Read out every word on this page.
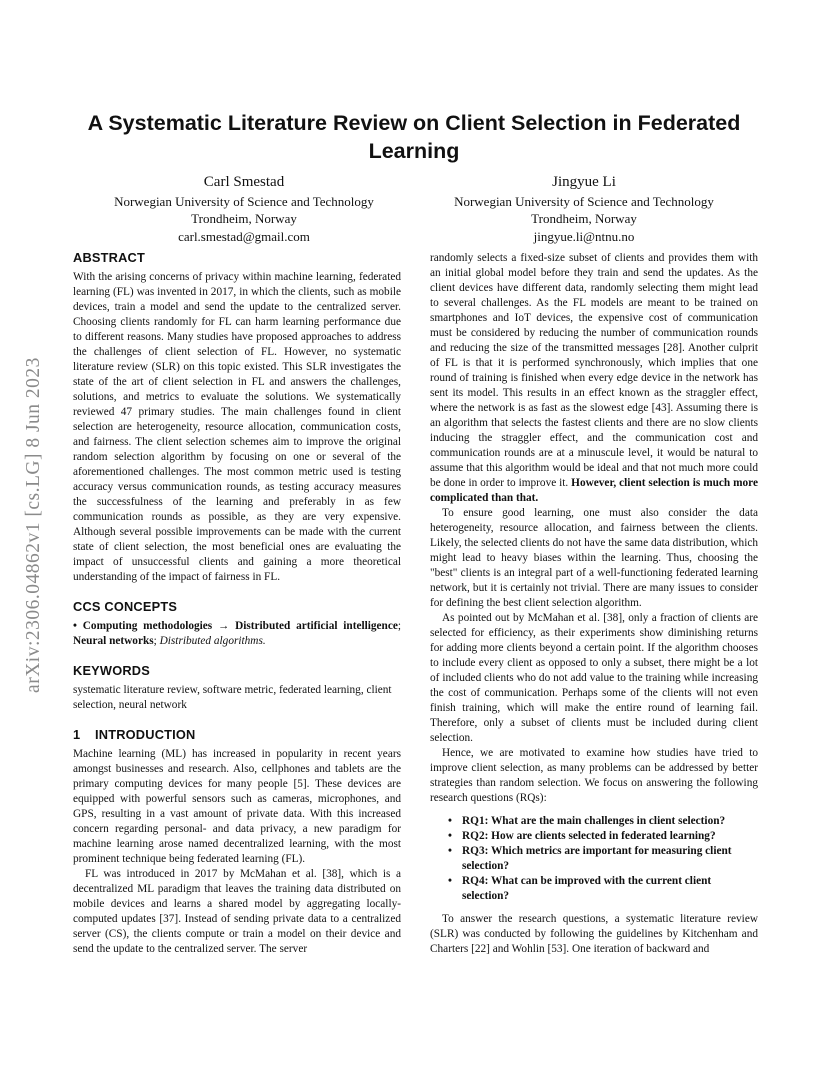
arXiv:2306.04862v1 [cs.LG] 8 Jun 2023
A Systematic Literature Review on Client Selection in Federated Learning
Carl Smestad
Norwegian University of Science and Technology
Trondheim, Norway
carl.smestad@gmail.com
Jingyue Li
Norwegian University of Science and Technology
Trondheim, Norway
jingyue.li@ntnu.no
ABSTRACT

With the arising concerns of privacy within machine learning, federated learning (FL) was invented in 2017, in which the clients, such as mobile devices, train a model and send the update to the centralized server. Choosing clients randomly for FL can harm learning performance due to different reasons. Many studies have proposed approaches to address the challenges of client selection of FL. However, no systematic literature review (SLR) on this topic existed. This SLR investigates the state of the art of client selection in FL and answers the challenges, solutions, and metrics to evaluate the solutions. We systematically reviewed 47 primary studies. The main challenges found in client selection are heterogeneity, resource allocation, communication costs, and fairness. The client selection schemes aim to improve the original random selection algorithm by focusing on one or several of the aforementioned challenges. The most common metric used is testing accuracy versus communication rounds, as testing accuracy measures the successfulness of the learning and preferably in as few communication rounds as possible, as they are very expensive. Although several possible improvements can be made with the current state of client selection, the most beneficial ones are evaluating the impact of unsuccessful clients and gaining a more theoretical understanding of the impact of fairness in FL.

CCS CONCEPTS

• Computing methodologies → Distributed artificial intelligence; Neural networks; Distributed algorithms.

KEYWORDS

systematic literature review, software metric, federated learning, client selection, neural network

1 INTRODUCTION

Machine learning (ML) has increased in popularity in recent years amongst businesses and research. Also, cellphones and tablets are the primary computing devices for many people [5]. These devices are equipped with powerful sensors such as cameras, microphones, and GPS, resulting in a vast amount of private data. With this increased concern regarding personal- and data privacy, a new paradigm for machine learning arose named decentralized learning, with the most prominent technique being federated learning (FL).

FL was introduced in 2017 by McMahan et al. [38], which is a decentralized ML paradigm that leaves the training data distributed on mobile devices and learns a shared model by aggregating locally-computed updates [37]. Instead of sending private data to a centralized server (CS), the clients compute or train a model on their device and send the update to the centralized server. The server

randomly selects a fixed-size subset of clients and provides them with an initial global model before they train and send the updates. As the client devices have different data, randomly selecting them might lead to several challenges. As the FL models are meant to be trained on smartphones and IoT devices, the expensive cost of communication must be considered by reducing the number of communication rounds and reducing the size of the transmitted messages [28]. Another culprit of FL is that it is performed synchronously, which implies that one round of training is finished when every edge device in the network has sent its model. This results in an effect known as the straggler effect, where the network is as fast as the slowest edge [43]. Assuming there is an algorithm that selects the fastest clients and there are no slow clients inducing the straggler effect, and the communication cost and communication rounds are at a minuscule level, it would be natural to assume that this algorithm would be ideal and that not much more could be done in order to improve it. However, client selection is much more complicated than that.

To ensure good learning, one must also consider the data heterogeneity, resource allocation, and fairness between the clients. Likely, the selected clients do not have the same data distribution, which might lead to heavy biases within the learning. Thus, choosing the "best" clients is an integral part of a well-functioning federated learning network, but it is certainly not trivial. There are many issues to consider for defining the best client selection algorithm.

As pointed out by McMahan et al. [38], only a fraction of clients are selected for efficiency, as their experiments show diminishing returns for adding more clients beyond a certain point. If the algorithm chooses to include every client as opposed to only a subset, there might be a lot of included clients who do not add value to the training while increasing the cost of communication. Perhaps some of the clients will not even finish training, which will make the entire round of learning fail. Therefore, only a subset of clients must be included during client selection.

Hence, we are motivated to examine how studies have tried to improve client selection, as many problems can be addressed by better strategies than random selection. We focus on answering the following research questions (RQs):

• RQ1: What are the main challenges in client selection?
• RQ2: How are clients selected in federated learning?
• RQ3: Which metrics are important for measuring client selection?
• RQ4: What can be improved with the current client selection?

To answer the research questions, a systematic literature review (SLR) was conducted by following the guidelines by Kitchenham and Charters [22] and Wohlin [53]. One iteration of backward and
